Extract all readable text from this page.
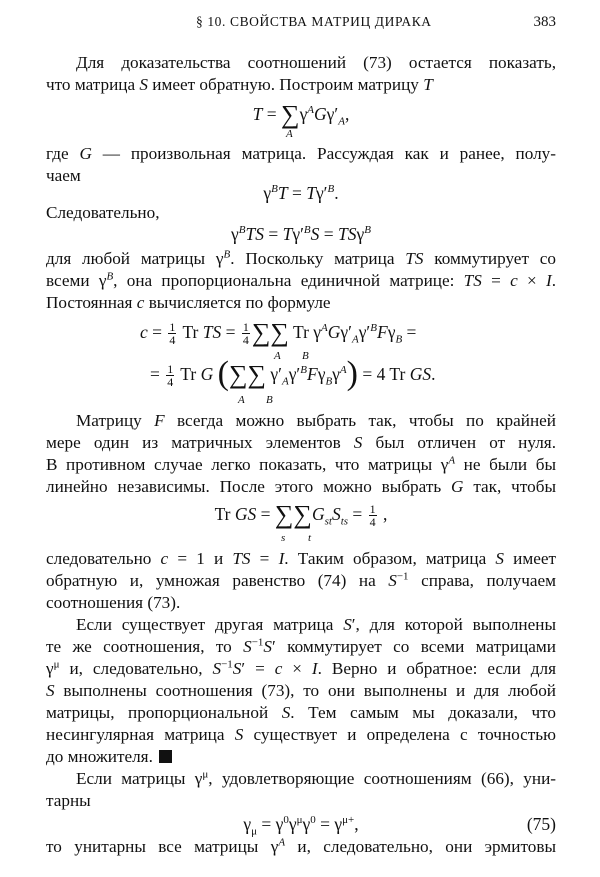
§ 10. СВОЙСТВА МАТРИЦ ДИРАКА	383
Для доказательства соотношений (73) остается показать,
что матрица S имеет обратную. Построим матрицу T
$T = \sum\gamma^AG\gamma'_A$,
A
где G — произвольная матрица. Рассуждая как и ранее, полу-
чаем
$\gamma^BT = T\gamma'^B$.
Следовательно,
$\gamma^BTS = T\gamma'^BS = TS\gamma^B$
для любой матрицы $\gamma^B$. Поскольку матрица TS коммутирует со
всеми $\gamma^B$, она пропорциональна единичной матрице: TS = c × I.
Постоянная c вычисляется по формуле
$c = \frac{1}{4}$ Tr TS = $\frac{1}{4}$ ∑∑ Tr $\gamma^AG\gamma'_A\gamma'^BF\gamma_B$ =
A B
= $\frac{1}{4}$ Tr G (∑∑ $\gamma'_A\gamma'^BF\gamma_B\gamma^A) = 4$ Tr GS.
A B
Матрицу F всегда можно выбрать так, чтобы по крайней
мере один из матричных элементов S был отличен от нуля.
В противном случае легко показать, что матрицы $\gamma^A$ не были бы
линейно независимы. После этого можно выбрать G так, чтобы
Tr GS = $\sum\sum G_{st}S_{ts} = \frac{1}{4}$ ,
s t
следовательно c = 1 и TS = I. Таким образом, матрица S имеет
обратную и, умножая равенство (74) на $S^{-1}$ справа, получаем
соотношения (73).
Если существует другая матрица S′, для которой выполнены
те же соотношения, то $S^{-1}S'$ коммутирует со всеми матрицами
$\gamma^\mu$ и, следовательно, $S^{-1}S' = c \times I$. Верно и обратное: если для
S выполнены соотношения (73), то они выполнены и для любой
матрицы, пропорциональной S. Тем самым мы доказали, что
несингулярная матрица S существует и определена с точностью
до множителя.
Если матрицы $\gamma^\mu$, удовлетворяющие соотношениям (66), уни-
тарны
$\gamma_\mu = \gamma^0\gamma^\mu\gamma^0 = \gamma^{\mu+}$,	(75)
то унитарны все матрицы $\gamma^A$ и, следовательно, они эрмитовы
